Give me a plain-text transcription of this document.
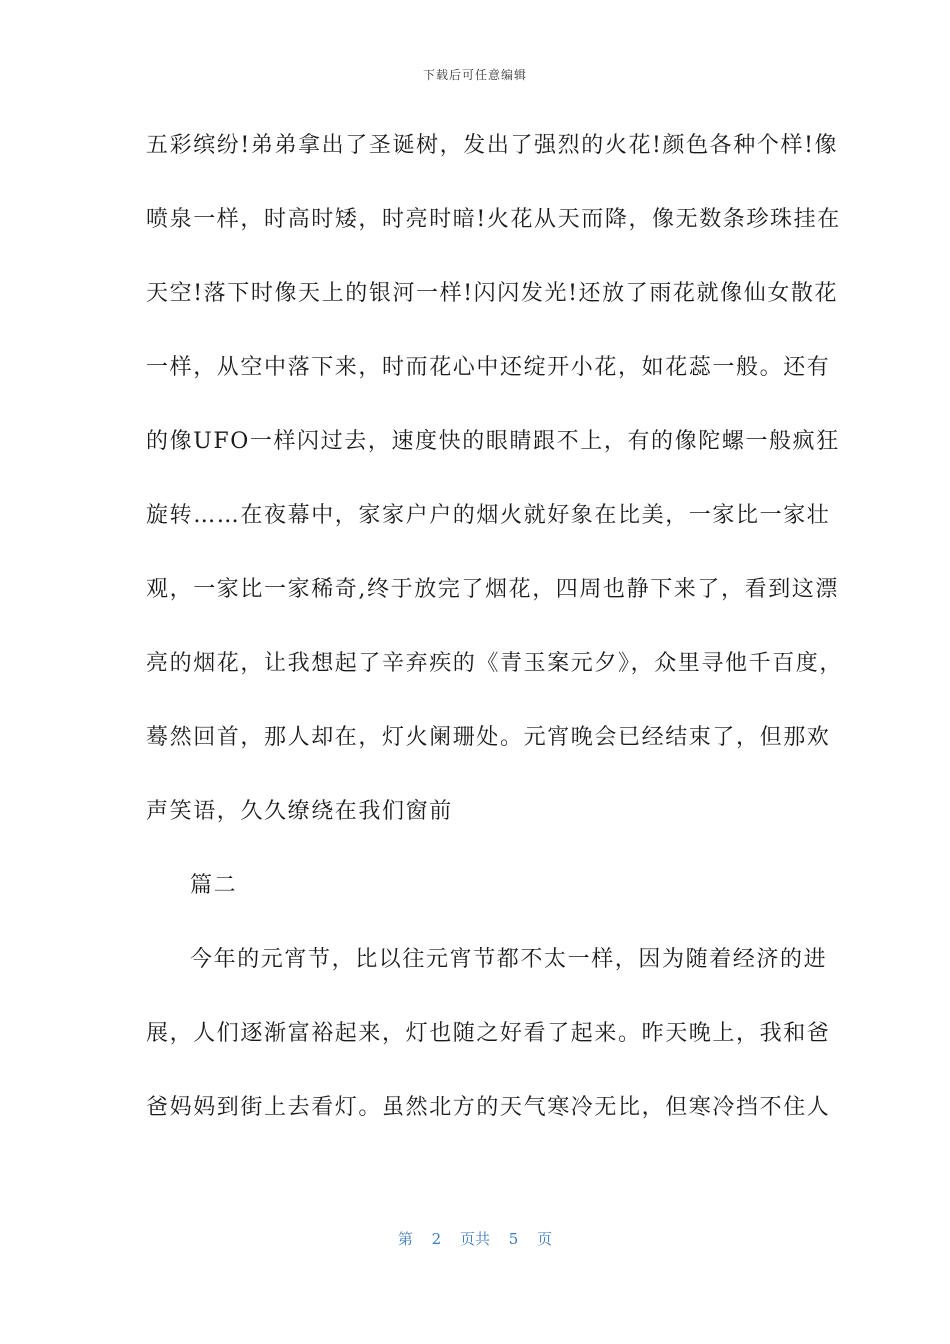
下载后可任意编辑
五彩缤纷!弟弟拿出了圣诞树，发出了强烈的火花!颜色各种个样!像
喷泉一样，时高时矮，时亮时暗!火花从天而降，像无数条珍珠挂在
天空!落下时像天上的银河一样!闪闪发光!还放了雨花就像仙女散花
一样，从空中落下来，时而花心中还绽开小花，如花蕊一般。还有
的像UFO一样闪过去，速度快的眼睛跟不上，有的像陀螺一般疯狂
旋转……在夜幕中，家家户户的烟火就好象在比美，一家比一家壮
观，一家比一家稀奇,终于放完了烟花，四周也静下来了，看到这漂
亮的烟花，让我想起了辛弃疾的《青玉案元夕》，众里寻他千百度，
蓦然回首，那人却在，灯火阑珊处。元宵晚会已经结束了，但那欢
声笑语，久久缭绕在我们窗前
篇二
今年的元宵节，比以往元宵节都不太一样，因为随着经济的进
展，人们逐渐富裕起来，灯也随之好看了起来。昨天晚上，我和爸
爸妈妈到街上去看灯。虽然北方的天气寒冷无比，但寒冷挡不住人
第 2 页共 5 页
